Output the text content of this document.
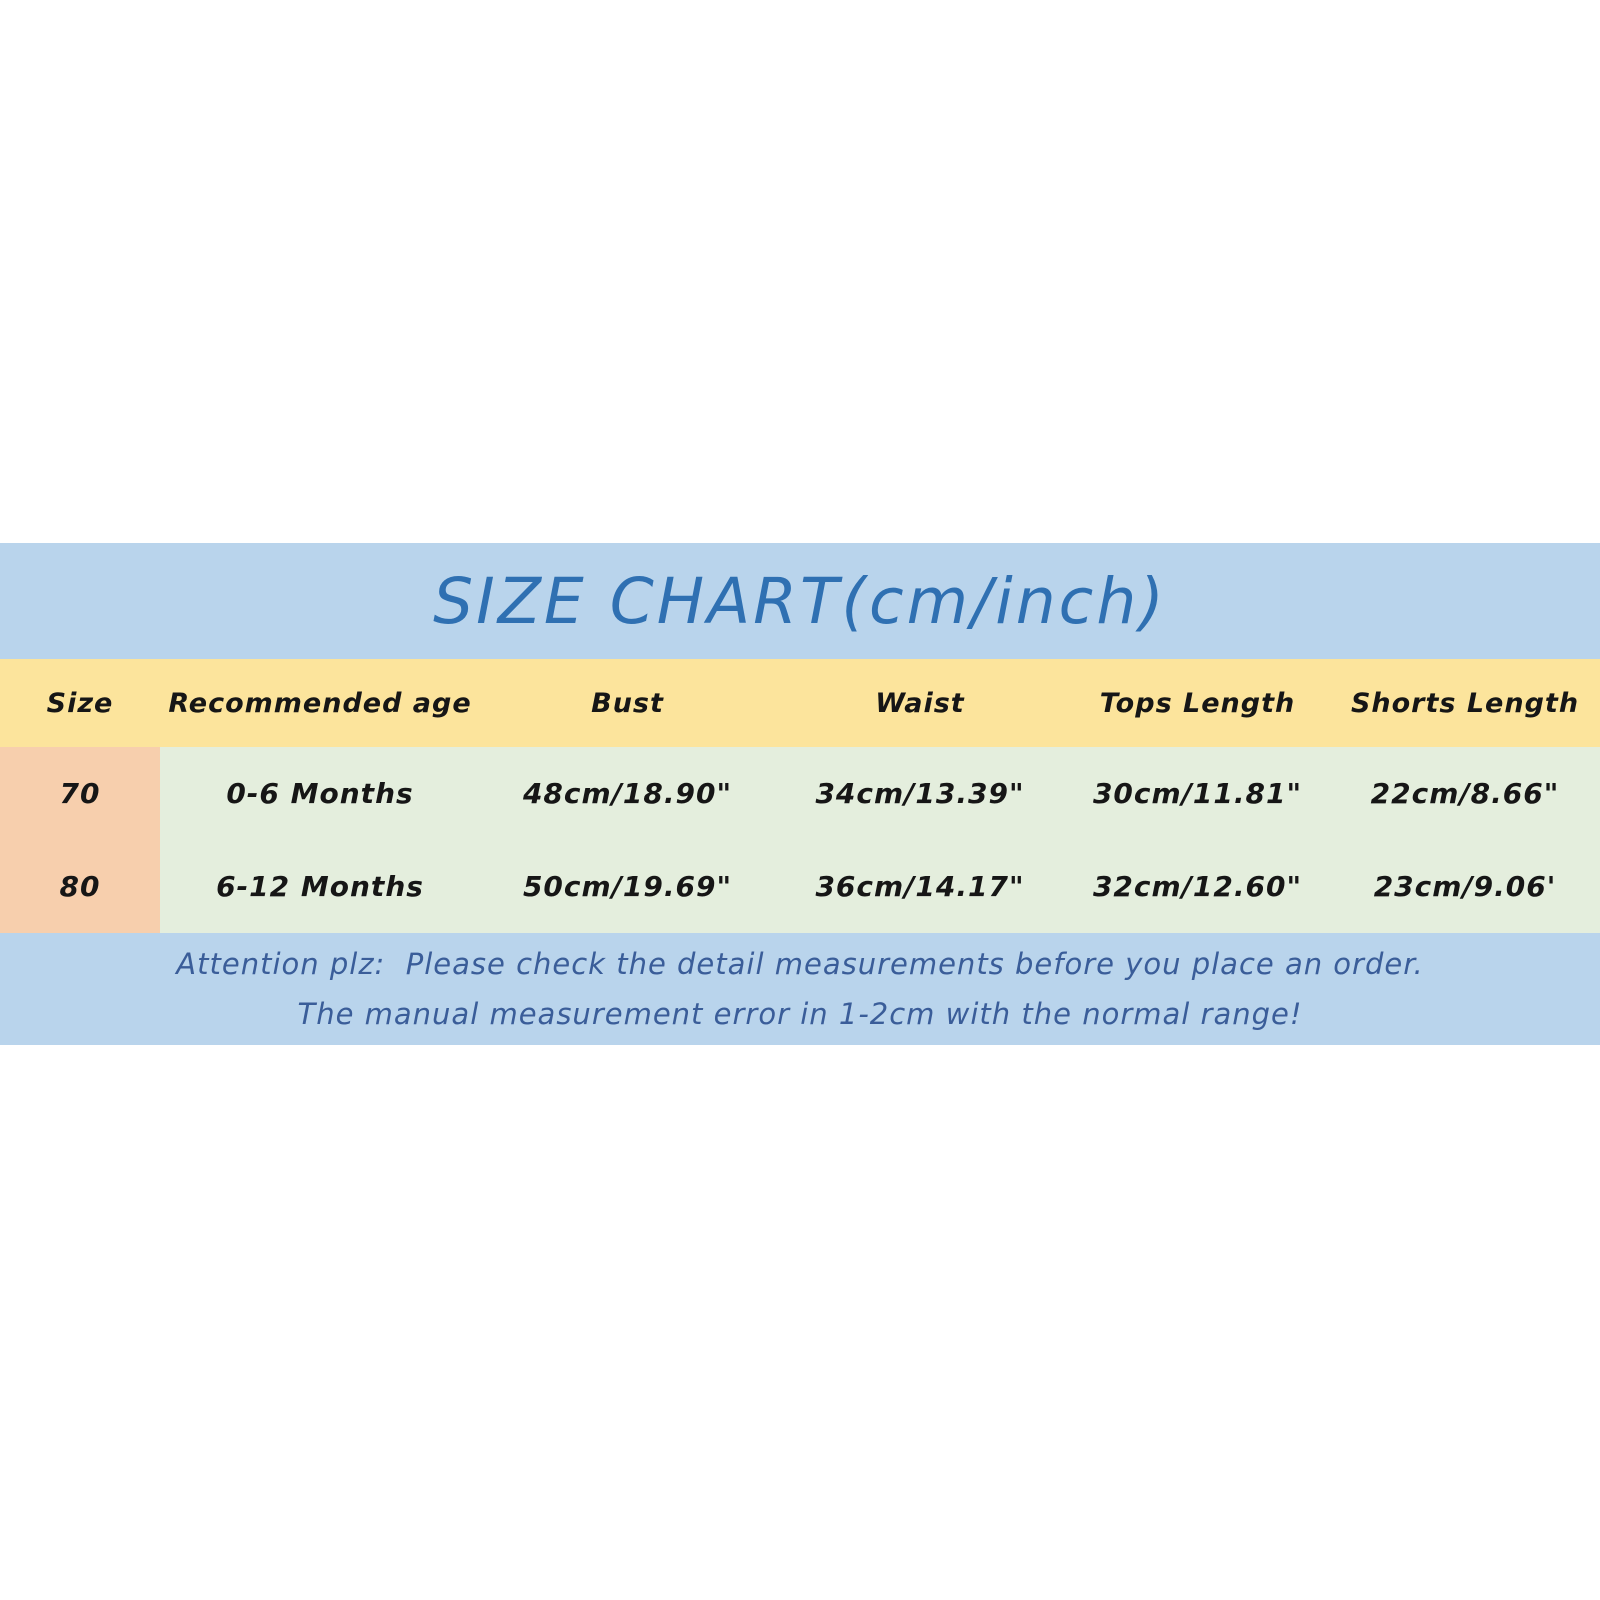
SIZE CHART(cm/inch)
Size	Recommended age	Bust	Waist	Tops Length	Shorts Length
70	0-6 Months	48cm/18.90"	34cm/13.39"	30cm/11.81"	22cm/8.66"
80	6-12 Months	50cm/19.69"	36cm/14.17"	32cm/12.60"	23cm/9.06'
Attention plz:  Please check the detail measurements before you place an order.
The manual measurement error in 1-2cm with the normal range!
